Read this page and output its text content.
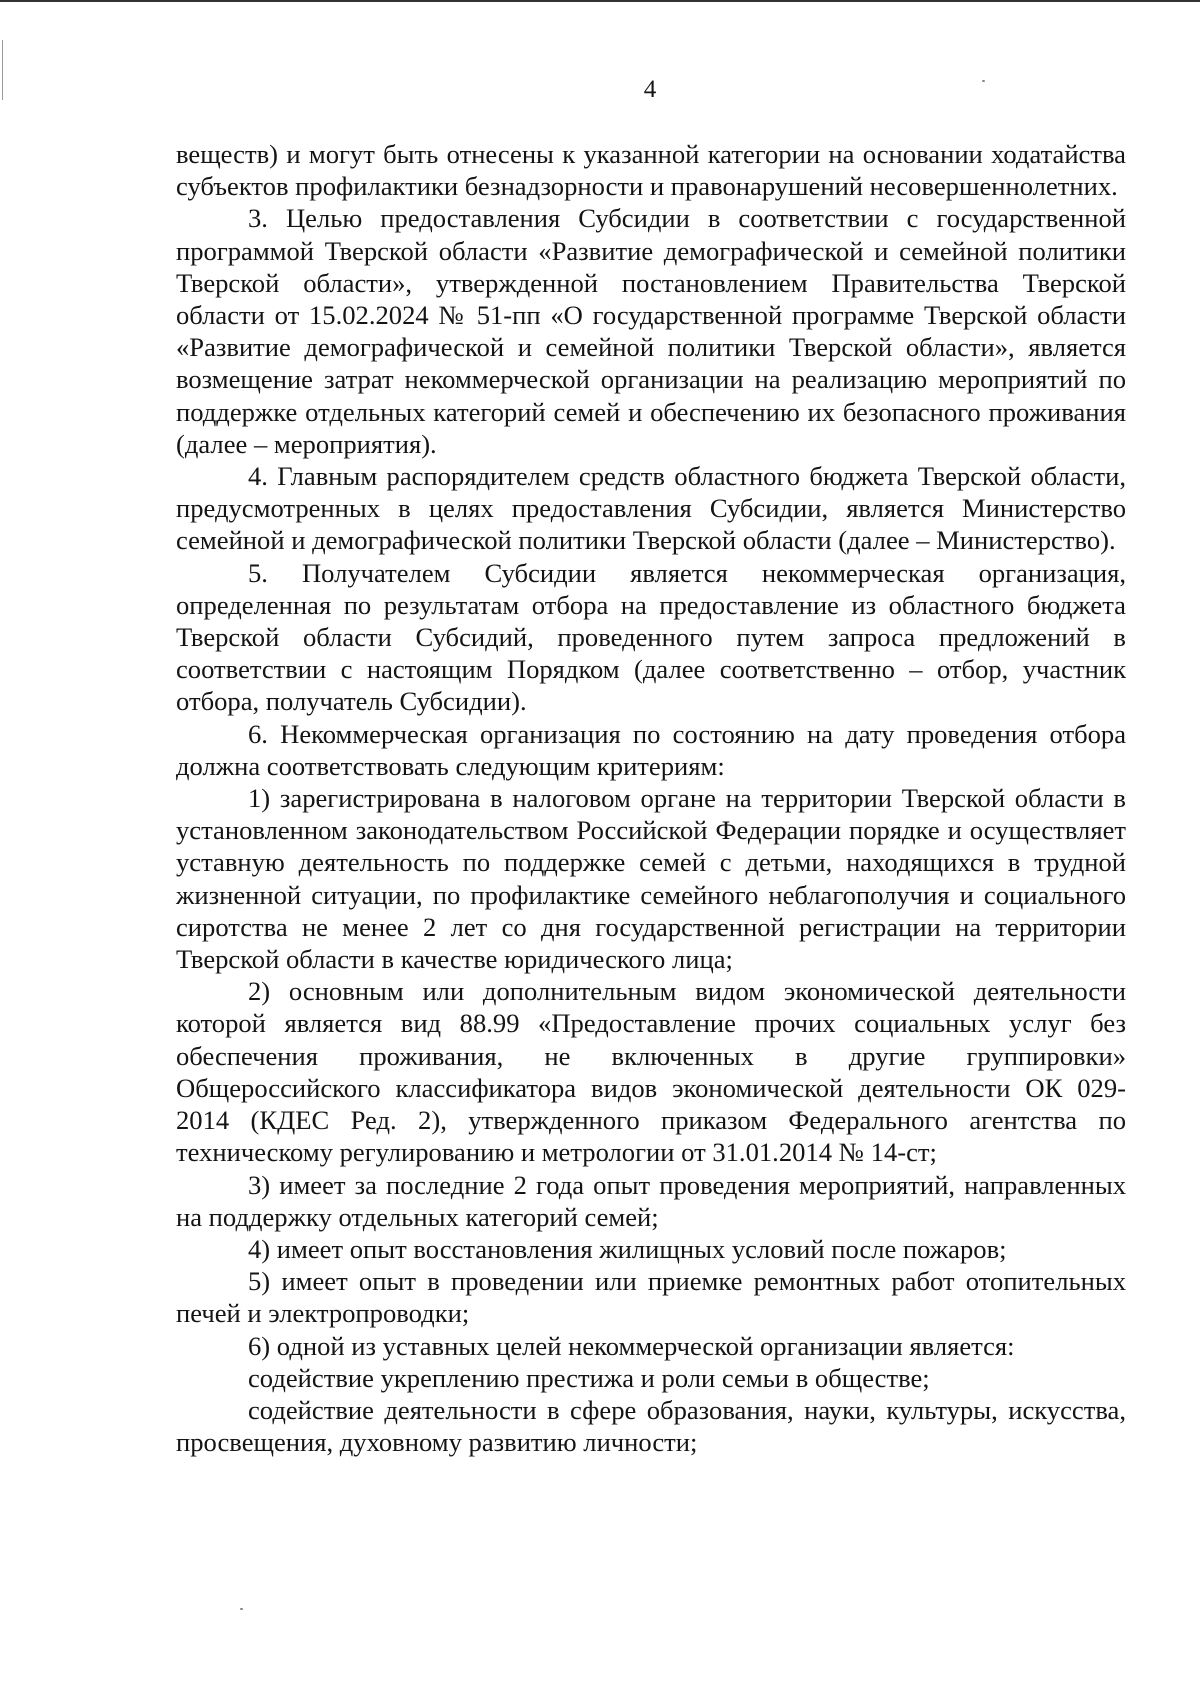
4

веществ) и могут быть отнесены к указанной категории на основании ходатайства субъектов профилактики безнадзорности и правонарушений несовершеннолетних.

3. Целью предоставления Субсидии в соответствии с государственной программой Тверской области «Развитие демографической и семейной политики Тверской области», утвержденной постановлением Правительства Тверской области от 15.02.2024 № 51-пп «О государственной программе Тверской области «Развитие демографической и семейной политики Тверской области», является возмещение затрат некоммерческой организации на реализацию мероприятий по поддержке отдельных категорий семей и обеспечению их безопасного проживания (далее – мероприятия).

4. Главным распорядителем средств областного бюджета Тверской области, предусмотренных в целях предоставления Субсидии, является Министерство семейной и демографической политики Тверской области (далее – Министерство).

5. Получателем Субсидии является некоммерческая организация, определенная по результатам отбора на предоставление из областного бюджета Тверской области Субсидий, проведенного путем запроса предложений в соответствии с настоящим Порядком (далее соответственно – отбор, участник отбора, получатель Субсидии).

6. Некоммерческая организация по состоянию на дату проведения отбора должна соответствовать следующим критериям:

1) зарегистрирована в налоговом органе на территории Тверской области в установленном законодательством Российской Федерации порядке и осуществляет уставную деятельность по поддержке семей с детьми, находящихся в трудной жизненной ситуации, по профилактике семейного неблагополучия и социального сиротства не менее 2 лет со дня государственной регистрации на территории Тверской области в качестве юридического лица;

2) основным или дополнительным видом экономической деятельности которой является вид 88.99 «Предоставление прочих социальных услуг без обеспечения проживания, не включенных в другие группировки» Общероссийского классификатора видов экономической деятельности ОК 029-2014 (КДЕС Ред. 2), утвержденного приказом Федерального агентства по техническому регулированию и метрологии от 31.01.2014 № 14-ст;

3) имеет за последние 2 года опыт проведения мероприятий, направленных на поддержку отдельных категорий семей;

4) имеет опыт восстановления жилищных условий после пожаров;

5) имеет опыт в проведении или приемке ремонтных работ отопительных печей и электропроводки;

6) одной из уставных целей некоммерческой организации является:

содействие укреплению престижа и роли семьи в обществе;

содействие деятельности в сфере образования, науки, культуры, искусства, просвещения, духовному развитию личности;
